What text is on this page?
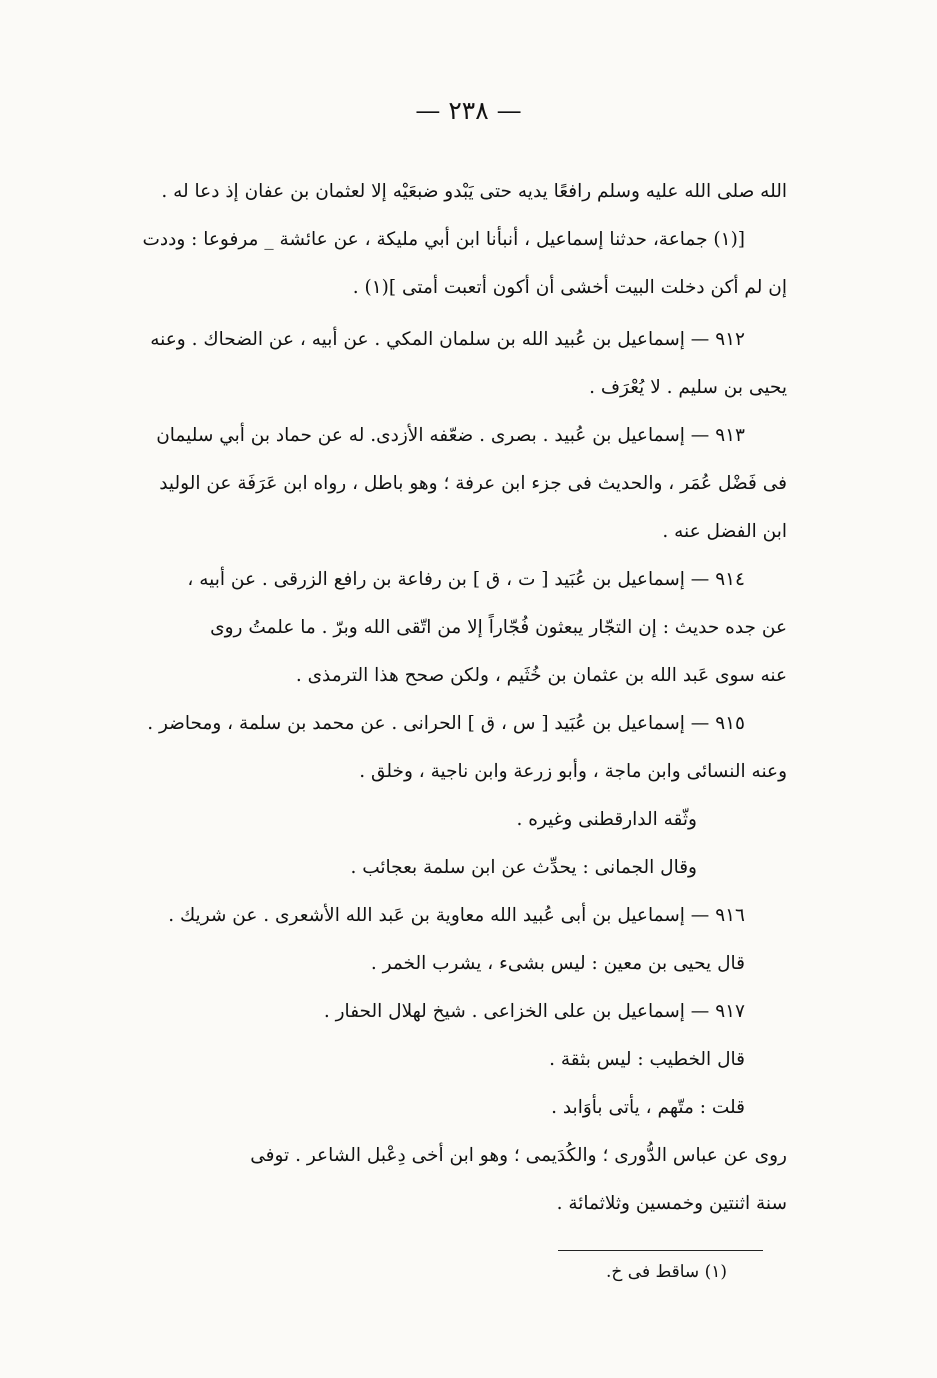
— ٢٣٨ —
الله صلى الله عليه وسلم رافعًا يديه حتى يَبْدو ضبعَيْه إلا لعثمان بن عفان إذ دعا له .
[(١) جماعة، حدثنا إسماعيل ، أنبأنا ابن أبي مليكة ، عن عائشة _ مرفوعا : وددت
إن لم أكن دخلت البيت أخشى أن أكون أتعبت أمتى ](١) .
٩١٢ — إسماعيل بن عُبيد الله بن سلمان المكي . عن أبيه ، عن الضحاك . وعنه
يحيى بن سليم . لا يُعْرَف .
٩١٣ — إسماعيل بن عُبيد . بصرى . ضعّفه الأزدى. له عن حماد بن أبي سليمان
فى فَضْل عُمَر ، والحديث فى جزء ابن عرفة ؛ وهو باطل ، رواه ابن عَرَفَة عن الوليد
ابن الفضل عنه .
٩١٤ — إسماعيل بن عُبَيد [ ت ، ق ] بن رفاعة بن رافع الزرقى . عن أبيه ،
عن جده حديث : إن التجّار يبعثون فُجّاراً إلا من اتّقى الله وبرّ . ما علمتُ روى
عنه سوى عَبد الله بن عثمان بن خُثَيم ، ولكن صحح هذا الترمذى .
٩١٥ — إسماعيل بن عُبَيد [ س ، ق ] الحرانى . عن محمد بن سلمة ، ومحاضر .
وعنه النسائى وابن ماجة ، وأبو زرعة وابن ناجية ، وخلق .
وثّقه الدارقطنى وغيره .
وقال الجمانى : يحدِّث عن ابن سلمة بعجائب .
٩١٦ — إسماعيل بن أبى عُبيد الله معاوية بن عَبد الله الأشعرى . عن شريك .
قال يحيى بن معين : ليس بشىء ، يشرب الخمر .
٩١٧ — إسماعيل بن على الخزاعى . شيخ لهلال الحفار .
قال الخطيب : ليس بثقة .
قلت : متّهم ، يأتى بأوَابد .
روى عن عباس الدُّورى ؛ والكُدَيمى ؛ وهو ابن أخى دِعْبل الشاعر . توفى
سنة اثنتين وخمسين وثلاثمائة .
(١) ساقط فى خ.
